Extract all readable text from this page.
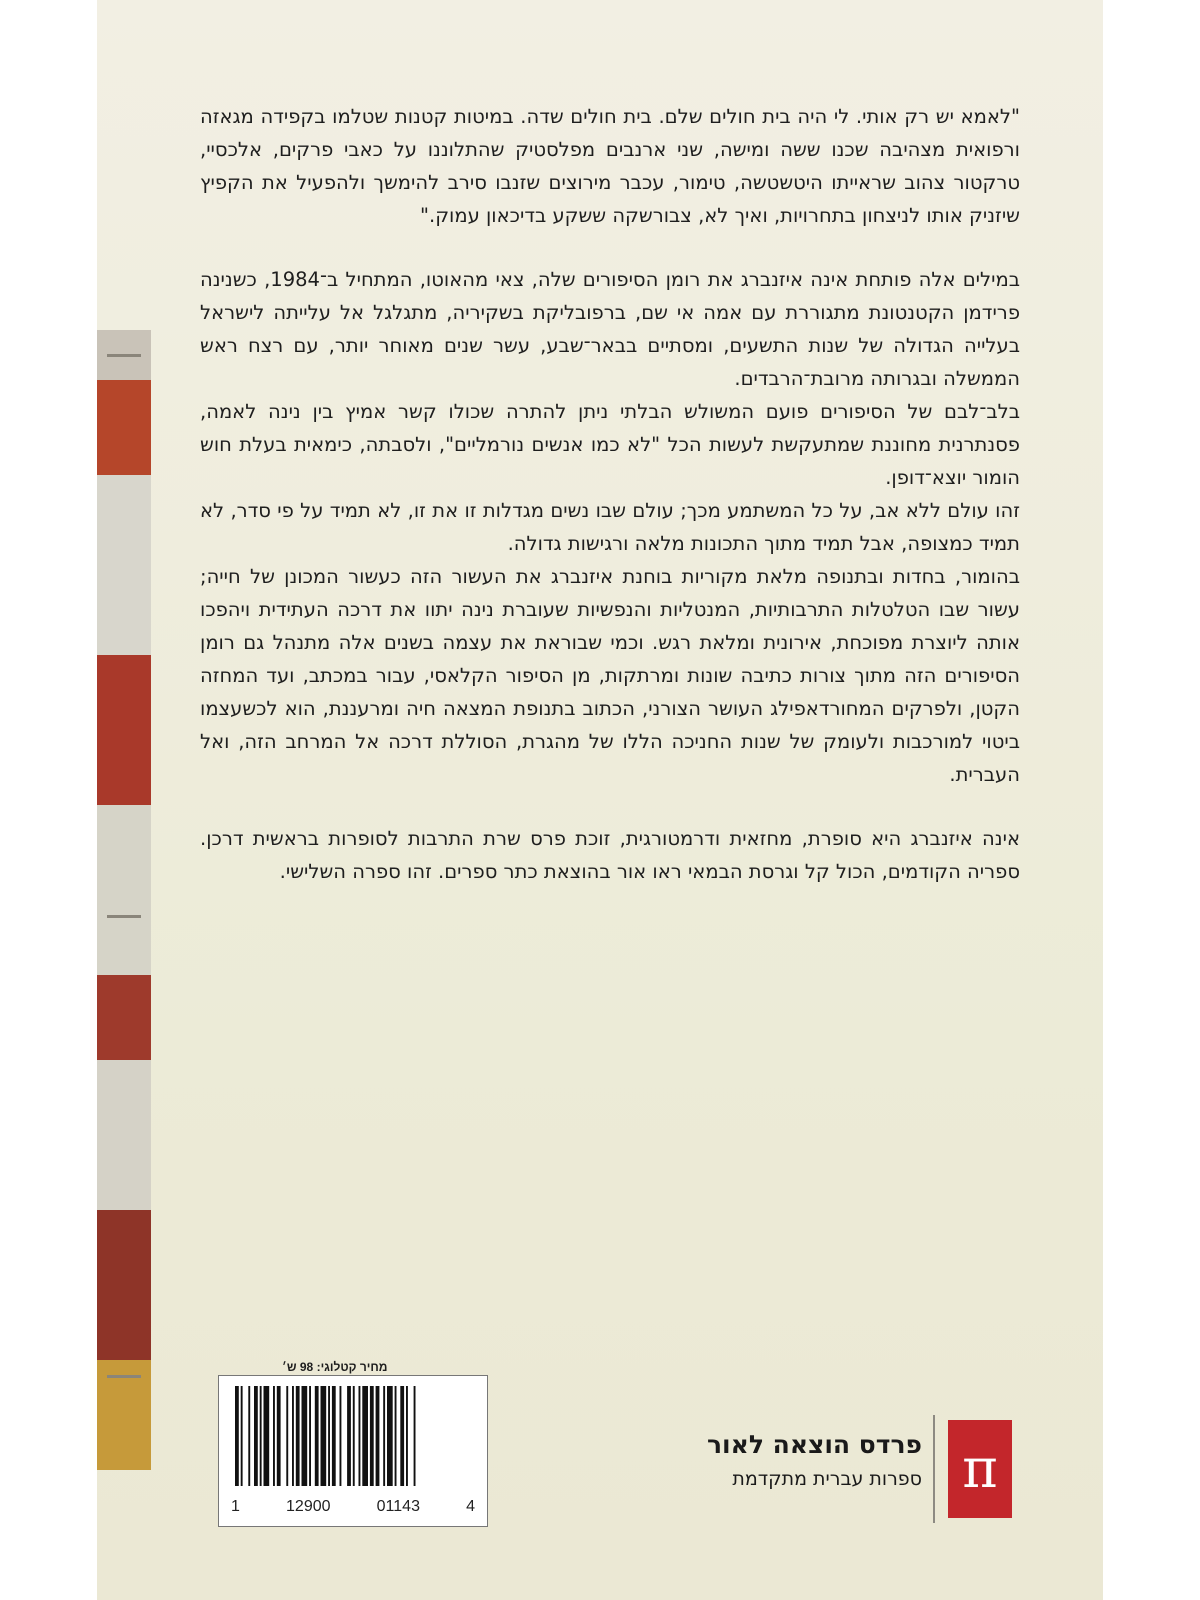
"לאמא יש רק אותי. לי היה בית חולים שלם. בית חולים שדה. במיטות קטנות שטלמו בקפידה מגאזה ורפואית מצהיבה שכנו ששה ומישה, שני ארנבים מפלסטיק שהתלוננו על כאבי פרקים, אלכסיי, טרקטור צהוב שראייתו היטשטשה, טימור, עכבר מירוצים שזנבו סירב להימשך ולהפעיל את הקפיץ שיזניק אותו לניצחון בתחרויות, ואיך לא, צבורשקה ששקע בדיכאון עמוק."

במילים אלה פותחת אינה איזנברג את רומן הסיפורים שלה, צאי מהאוטו, המתחיל ב־1984, כשנינה פרידמן הקטנטונת מתגוררת עם אמה אי שם, ברפובליקת בשקיריה, מתגלגל אל עלייתה לישראל בעלייה הגדולה של שנות התשעים, ומסתיים בבאר־שבע, עשר שנים מאוחר יותר, עם רצח ראש הממשלה ובגרותה מרובת־הרבדים.

בלב־לבם של הסיפורים פועם המשולש הבלתי ניתן להתרה שכולו קשר אמיץ בין נינה לאמה, פסנתרנית מחוננת שמתעקשת לעשות הכל "לא כמו אנשים נורמליים", ולסבתה, כימאית בעלת חוש הומור יוצא־דופן.

זהו עולם ללא אב, על כל המשתמע מכך; עולם שבו נשים מגדלות זו את זו, לא תמיד על פי סדר, לא תמיד כמצופה, אבל תמיד מתוך התכונות מלאה ורגישות גדולה.

בהומור, בחדות ובתנופה מלאת מקוריות בוחנת איזנברג את העשור הזה כעשור המכונן של חייה; עשור שבו הטלטלות התרבותיות, המנטליות והנפשיות שעוברת נינה יתוו את דרכה העתידית ויהפכו אותה ליוצרת מפוכחת, אירונית ומלאת רגש. וכמי שבוראת את עצמה בשנים אלה מתנהל גם רומן הסיפורים הזה מתוך צורות כתיבה שונות ומרתקות, מן הסיפור הקלאסי, עבור במכתב, ועד המחזה הקטן, ולפרקים המחורדאפילג העושר הצורני, הכתוב בתנופת המצאה חיה ומרעננת, הוא לכשעצמו ביטוי למורכבות ולעומק של שנות החניכה הללו של מהגרת, הסוללת דרכה אל המרחב הזה, ואל העברית.

אינה איזנברג היא סופרת, מחזאית ודרמטורגית, זוכת פרס שרת התרבות לסופרות בראשית דרכן. ספריה הקודמים, הכול קל וגרסת הבמאי ראו אור בהוצאת כתר ספרים. זהו ספרה השלישי.

מחיר קטלוגי: 98 ש׳
1	12900	01143	4
פרדס הוצאה לאור
ספרות עברית מתקדמת π
